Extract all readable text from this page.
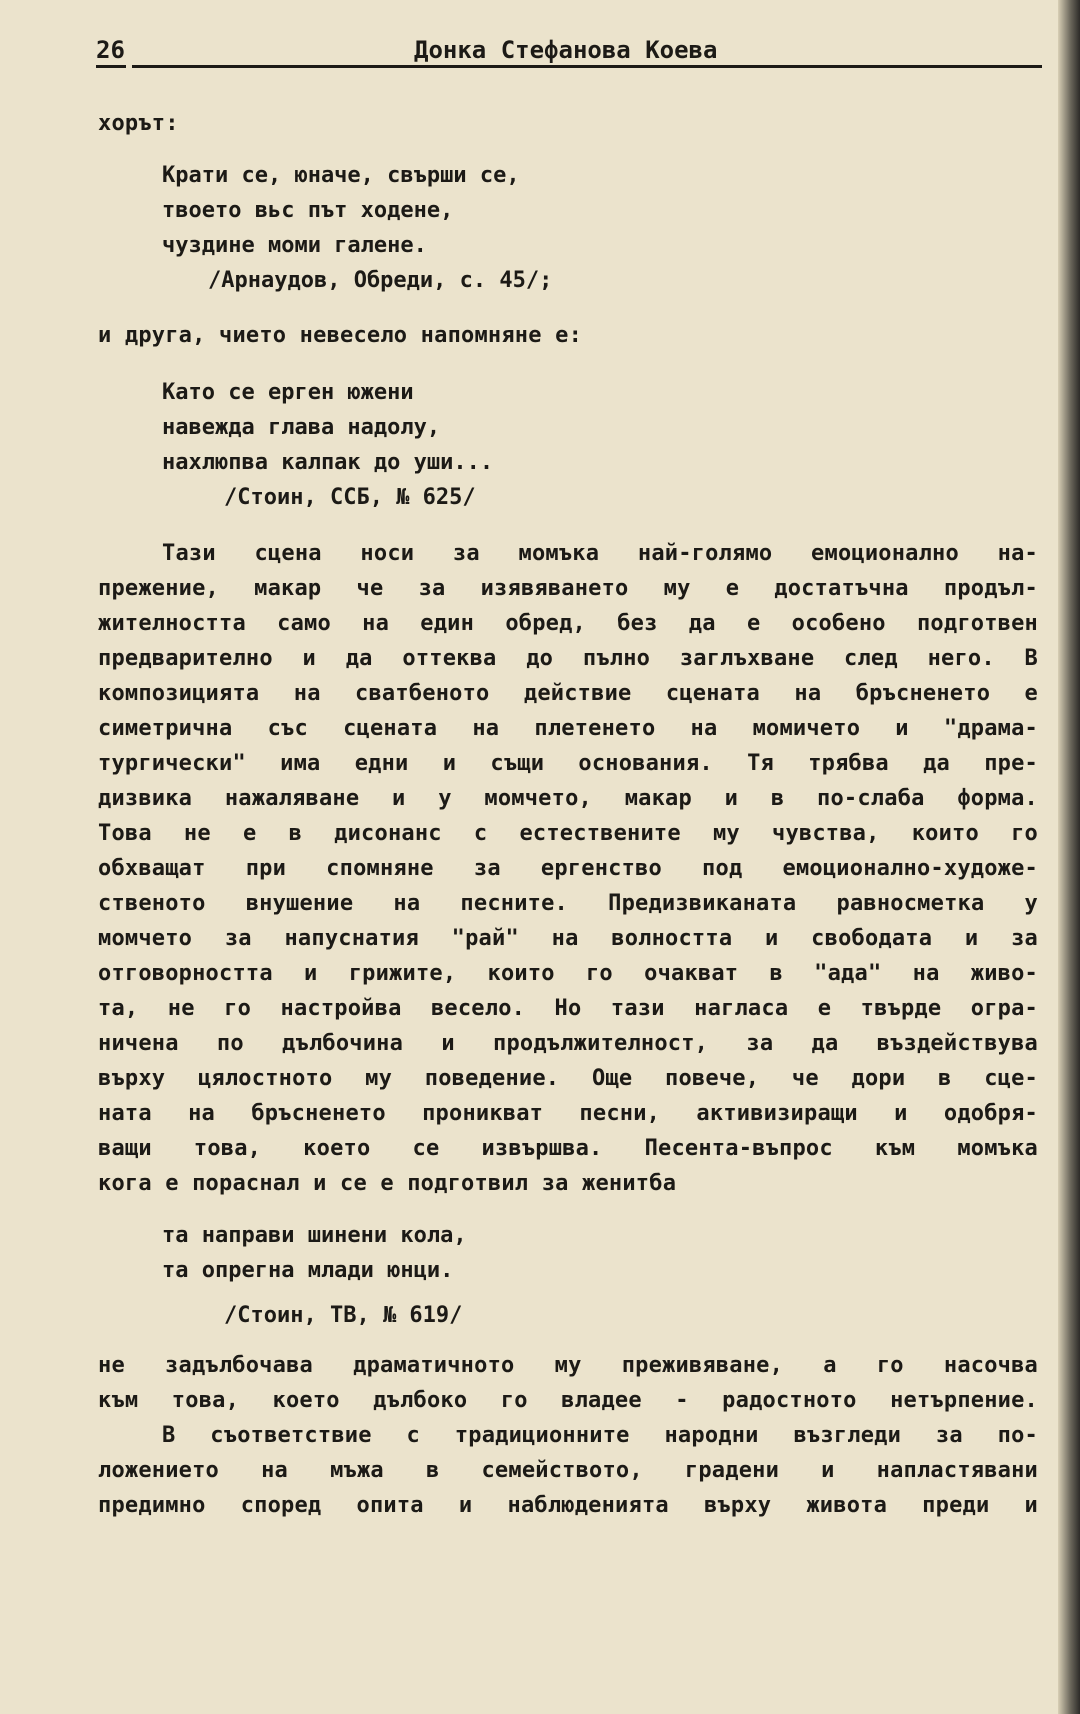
26	Донка Стефанова Коева
хорът:
Крати се, юначе, свърши се,
твоето вьс път ходене,
чуздине моми галене.
/Арнаудов, Обреди, с. 45/;
и друга, чието невесело напомняне е:
Като се ерген южени
навежда глава надолу,
нахлюпва калпак до уши...
/Стоин, ССБ, № 625/
Тази сцена носи за момъка най-голямо емоционално на-
прежение, макар че за изявяването му е достатъчна продъл-
жителността само на един обред, без да е особено подготвен
предварително и да оттеква до пълно заглъхване след него. В
композицията на сватбеното действие сцената на бръсненето е
симетрична със сцената на плетенето на момичето и "драма-
тургически" има едни и същи основания. Тя трябва да пре-
дизвика нажаляване и у момчето, макар и в по-слаба форма.
Това не е в дисонанс с естествените му чувства, които го
обхващат при спомняне за ергенство под емоционално-художе-
ственото внушение на песните. Предизвиканата равносметка у
момчето за напуснатия "рай" на волността и свободата и за
отговорността и грижите, които го очакват в "ада" на живо-
та, не го настройва весело. Но тази нагласа е твърде огра-
ничена по дълбочина и продължителност, за да въздействува
върху цялостното му поведение. Още повече, че дори в сце-
ната на бръсненето проникват песни, активизиращи и одобря-
ващи това, което се извършва. Песента-въпрос към момъка
кога е пораснал и се е подготвил за женитба
та направи шинени кола,
та опрегна млади юнци.
/Стоин, ТВ, № 619/
не задълбочава драматичното му преживяване, а го насочва
към това, което дълбоко го владее - радостното нетърпение.
В съответствие с традиционните народни възгледи за по-
ложението на мъжа в семейството, градени и напластявани
предимно според опита и наблюденията върху живота преди и
